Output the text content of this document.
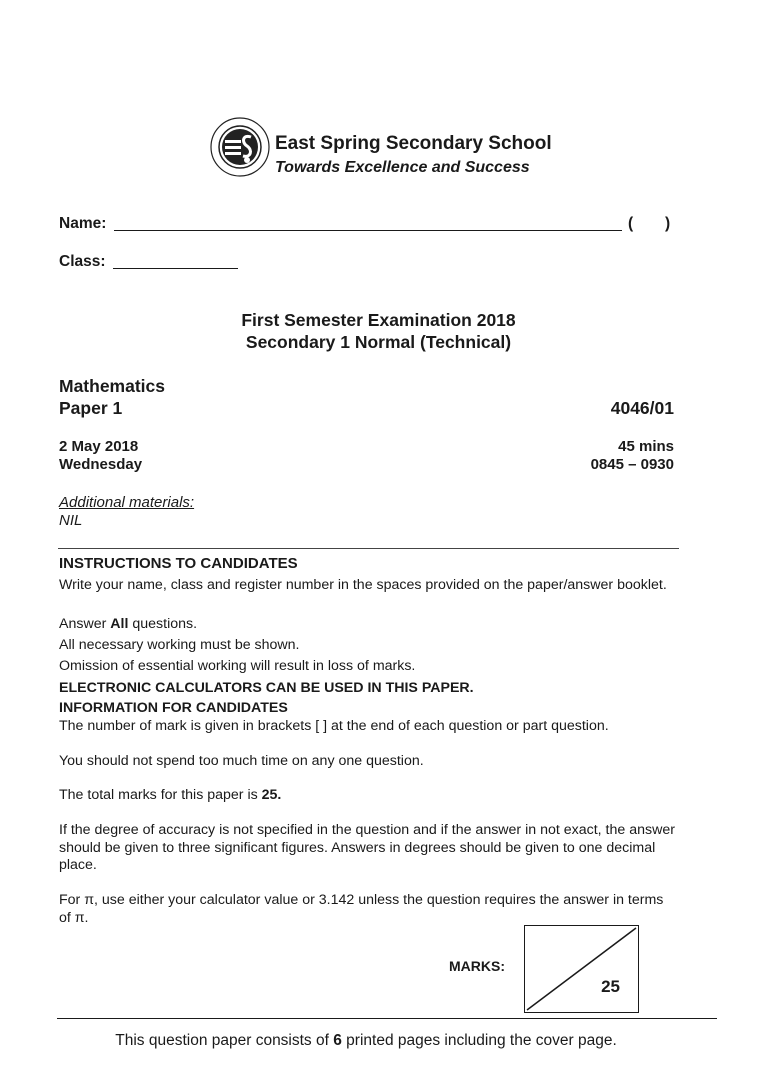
East Spring Secondary School
Towards Excellence and Success
Name:	( )
Class:
First Semester Examination 2018
Secondary 1 Normal (Technical)
Mathematics
Paper 1	4046/01
2 May 2018
Wednesday
45 mins
0845 – 0930
Additional materials:
NIL
INSTRUCTIONS TO CANDIDATES
Write your name, class and register number in the spaces provided on the paper/answer booklet.
Answer All questions.
All necessary working must be shown.
Omission of essential working will result in loss of marks.
ELECTRONIC CALCULATORS CAN BE USED IN THIS PAPER.
INFORMATION FOR CANDIDATES
The number of mark is given in brackets [ ] at the end of each question or part question.
You should not spend too much time on any one question.
The total marks for this paper is 25.
If the degree of accuracy is not specified in the question and if the answer in not exact, the answer should be given to three significant figures. Answers in degrees should be given to one decimal place.
For π, use either your calculator value or 3.142 unless the question requires the answer in terms of π.
MARKS:
25
This question paper consists of 6 printed pages including the cover page.
